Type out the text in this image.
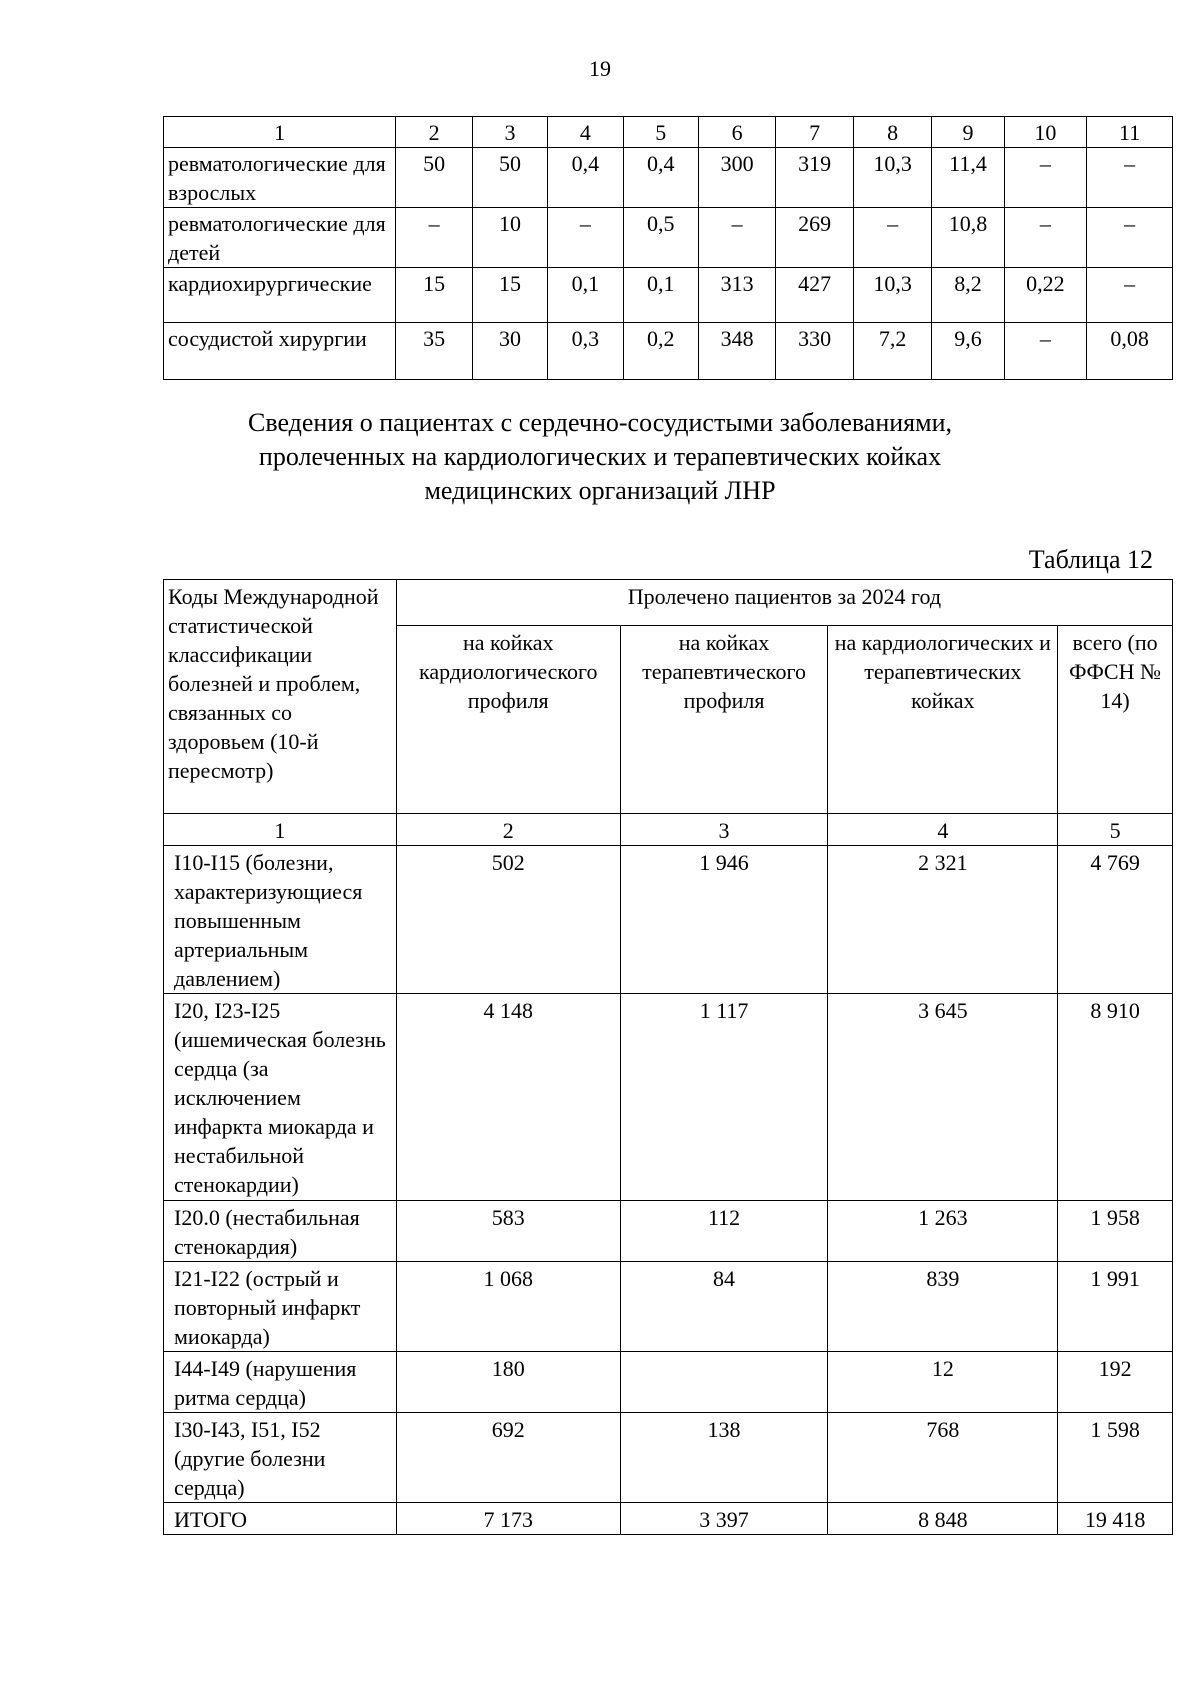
19
1	2	3	4	5	6	7	8	9	10	11
ревматологические для взрослых	50	50	0,4	0,4	300	319	10,3	11,4	–	–
ревматологические для детей	–	10	–	0,5	–	269	–	10,8	–	–
кардиохирургические	15	15	0,1	0,1	313	427	10,3	8,2	0,22	–
сосудистой хирургии	35	30	0,3	0,2	348	330	7,2	9,6	–	0,08
Сведения о пациентах с сердечно-сосудистыми заболеваниями,
пролеченных на кардиологических и терапевтических койках
медицинских организаций ЛНР
Таблица 12
Коды Международной статистической классификации болезней и проблем, связанных со здоровьем (10-й пересмотр)	Пролечено пациентов за 2024 год			
	на койках кардиологического профиля	на койках терапевтического профиля	на кардиологических и терапевтических койках	всего (по ФФСН № 14)
1	2	3	4	5
I10-I15 (болезни, характеризующиеся повышенным артериальным давлением)	502	1 946	2 321	4 769
I20, I23-I25 (ишемическая болезнь сердца (за исключением инфаркта миокарда и нестабильной стенокардии)	4 148	1 117	3 645	8 910
I20.0 (нестабильная стенокардия)	583	112	1 263	1 958
I21-I22 (острый и повторный инфаркт миокарда)	1 068	84	839	1 991
I44-I49 (нарушения ритма сердца)	180		12	192
I30-I43, I51, I52 (другие болезни сердца)	692	138	768	1 598
ИТОГО	7 173	3 397	8 848	19 418
